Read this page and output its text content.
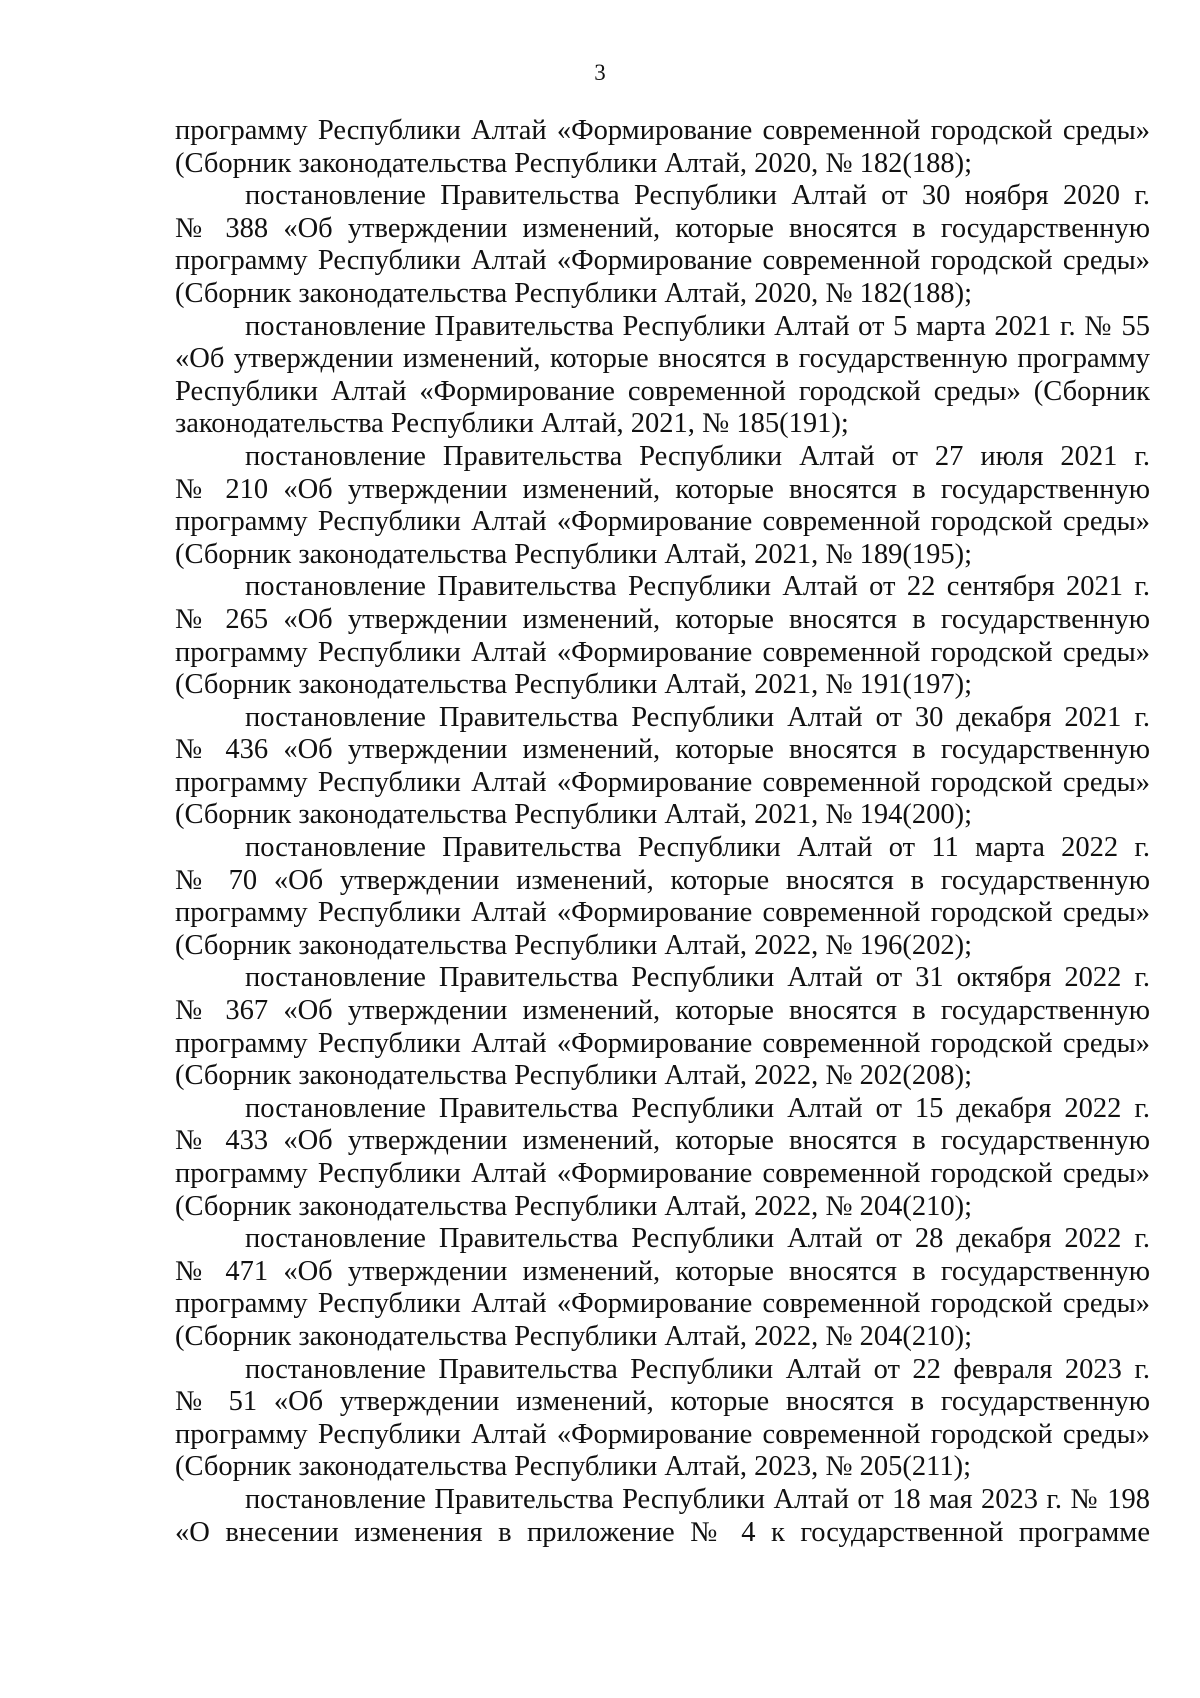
3

программу Республики Алтай «Формирование современной городской среды»
(Сборник законодательства Республики Алтай, 2020, № 182(188);

постановление Правительства Республики Алтай от 30 ноября 2020 г.
№ 388 «Об утверждении изменений, которые вносятся в государственную программу Республики Алтай «Формирование современной городской среды» (Сборник законодательства Республики Алтай, 2020, № 182(188);

постановление Правительства Республики Алтай от 5 марта 2021 г. № 55
«Об утверждении изменений, которые вносятся в государственную программу Республики Алтай «Формирование современной городской среды» (Сборник законодательства Республики Алтай, 2021, № 185(191);

постановление Правительства Республики Алтай от 27 июля 2021 г.
№ 210 «Об утверждении изменений, которые вносятся в государственную программу Республики Алтай «Формирование современной городской среды» (Сборник законодательства Республики Алтай, 2021, № 189(195);

постановление Правительства Республики Алтай от 22 сентября 2021 г.
№ 265 «Об утверждении изменений, которые вносятся в государственную программу Республики Алтай «Формирование современной городской среды» (Сборник законодательства Республики Алтай, 2021, № 191(197);

постановление Правительства Республики Алтай от 30 декабря 2021 г.
№ 436 «Об утверждении изменений, которые вносятся в государственную программу Республики Алтай «Формирование современной городской среды» (Сборник законодательства Республики Алтай, 2021, № 194(200);

постановление Правительства Республики Алтай от 11 марта 2022 г.
№ 70 «Об утверждении изменений, которые вносятся в государственную программу Республики Алтай «Формирование современной городской среды» (Сборник законодательства Республики Алтай, 2022, № 196(202);

постановление Правительства Республики Алтай от 31 октября 2022 г.
№ 367 «Об утверждении изменений, которые вносятся в государственную программу Республики Алтай «Формирование современной городской среды» (Сборник законодательства Республики Алтай, 2022, № 202(208);

постановление Правительства Республики Алтай от 15 декабря 2022 г.
№ 433 «Об утверждении изменений, которые вносятся в государственную программу Республики Алтай «Формирование современной городской среды» (Сборник законодательства Республики Алтай, 2022, № 204(210);

постановление Правительства Республики Алтай от 28 декабря 2022 г.
№ 471 «Об утверждении изменений, которые вносятся в государственную программу Республики Алтай «Формирование современной городской среды» (Сборник законодательства Республики Алтай, 2022, № 204(210);

постановление Правительства Республики Алтай от 22 февраля 2023 г.
№ 51 «Об утверждении изменений, которые вносятся в государственную программу Республики Алтай «Формирование современной городской среды» (Сборник законодательства Республики Алтай, 2023, № 205(211);

постановление Правительства Республики Алтай от 18 мая 2023 г. № 198
«О внесении изменения в приложение № 4 к государственной программе
